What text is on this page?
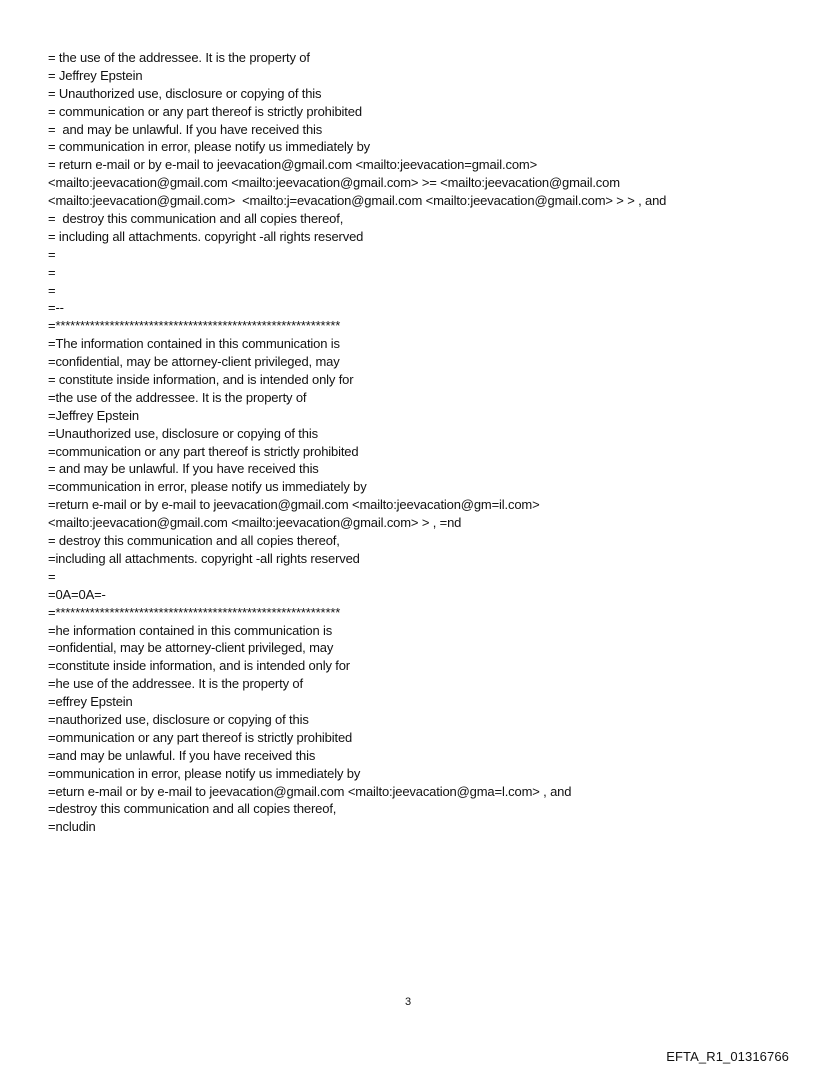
= the use of the addressee. It is the property of
= Jeffrey Epstein
= Unauthorized use, disclosure or copying of this
= communication or any part thereof is strictly prohibited
=  and may be unlawful. If you have received this
= communication in error, please notify us immediately by
= return e-mail or by e-mail to jeevacation@gmail.com <mailto:jeevacation=gmail.com>
<mailto:jeevacation@gmail.com <mailto:jeevacation@gmail.com> >= <mailto:jeevacation@gmail.com
<mailto:jeevacation@gmail.com>  <mailto:j=evacation@gmail.com <mailto:jeevacation@gmail.com> > > , and
=  destroy this communication and all copies thereof,
= including all attachments. copyright -all rights reserved
=
=
=
=--
=**********************************************************
=The information contained in this communication is
=confidential, may be attorney-client privileged, may
= constitute inside information, and is intended only for
=the use of the addressee. It is the property of
=Jeffrey Epstein
=Unauthorized use, disclosure or copying of this
=communication or any part thereof is strictly prohibited
= and may be unlawful. If you have received this
=communication in error, please notify us immediately by
=return e-mail or by e-mail to jeevacation@gmail.com <mailto:jeevacation@gm=il.com>
<mailto:jeevacation@gmail.com <mailto:jeevacation@gmail.com> > , =nd
= destroy this communication and all copies thereof,
=including all attachments. copyright -all rights reserved
=
=0A=0A=-
=**********************************************************
=he information contained in this communication is
=onfidential, may be attorney-client privileged, may
=constitute inside information, and is intended only for
=he use of the addressee. It is the property of
=effrey Epstein
=nauthorized use, disclosure or copying of this
=ommunication or any part thereof is strictly prohibited
=and may be unlawful. If you have received this
=ommunication in error, please notify us immediately by
=eturn e-mail or by e-mail to jeevacation@gmail.com <mailto:jeevacation@gma=l.com> , and
=destroy this communication and all copies thereof,
=ncludin
3
EFTA_R1_01316766
